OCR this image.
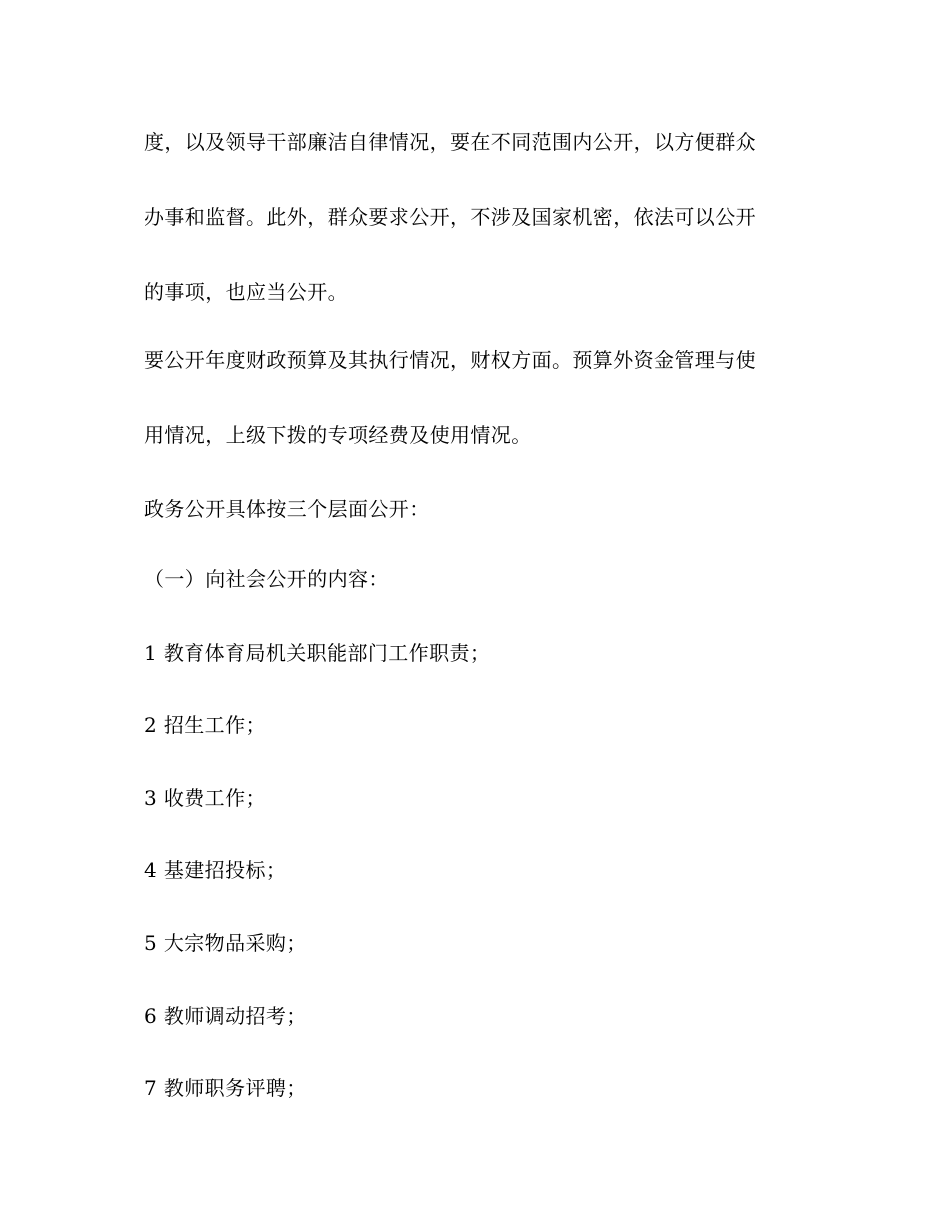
度，以及领导干部廉洁自律情况，要在不同范围内公开，以方便群众
办事和监督。此外，群众要求公开，不涉及国家机密，依法可以公开
的事项，也应当公开。
要公开年度财政预算及其执行情况，财权方面。预算外资金管理与使
用情况，上级下拨的专项经费及使用情况。
政务公开具体按三个层面公开：
（一）向社会公开的内容：
1 教育体育局机关职能部门工作职责；
2 招生工作；
3 收费工作；
4 基建招投标；
5 大宗物品采购；
6 教师调动招考；
7 教师职务评聘；
